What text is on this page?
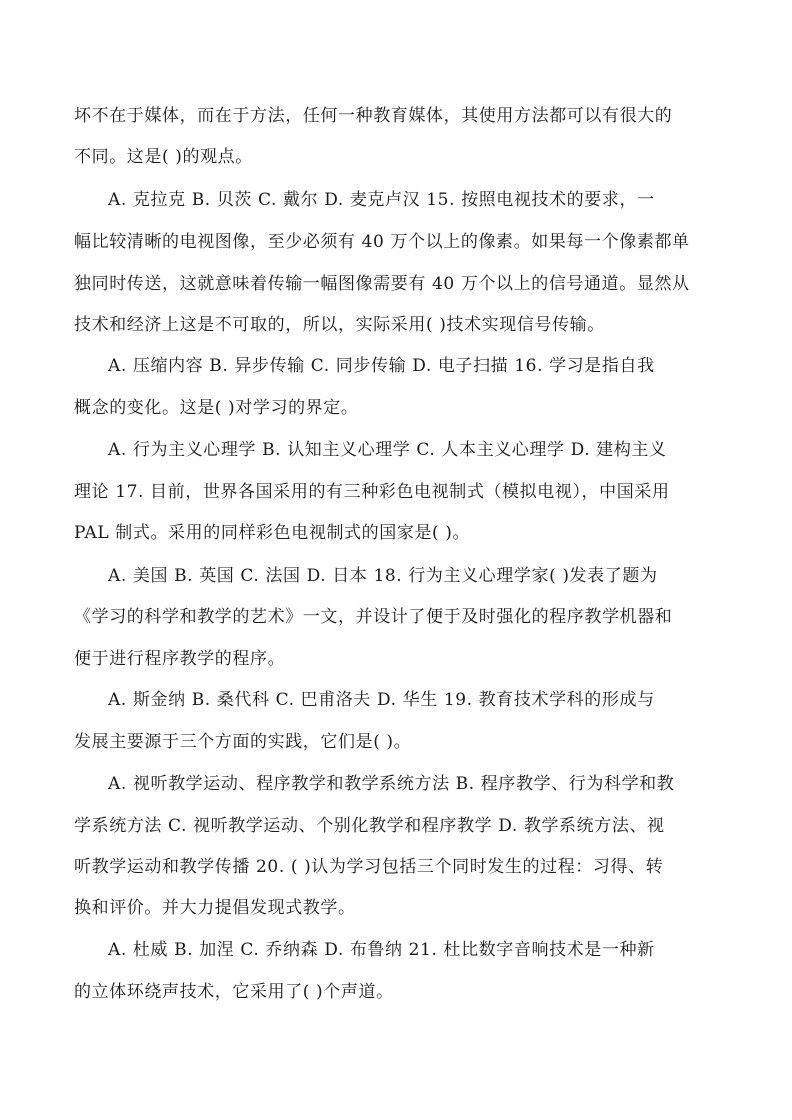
坏不在于媒体，而在于方法，任何一种教育媒体，其使用方法都可以有很大的
不同。这是( )的观点。
A. 克拉克 B. 贝茨 C. 戴尔 D. 麦克卢汉 15. 按照电视技术的要求，一
幅比较清晰的电视图像，至少必须有 40 万个以上的像素。如果每一个像素都单
独同时传送，这就意味着传输一幅图像需要有 40 万个以上的信号通道。显然从
技术和经济上这是不可取的，所以，实际采用( )技术实现信号传输。
A. 压缩内容 B. 异步传输 C. 同步传输 D. 电子扫描 16. 学习是指自我
概念的变化。这是( )对学习的界定。
A. 行为主义心理学 B. 认知主义心理学 C. 人本主义心理学 D. 建构主义
理论 17. 目前，世界各国采用的有三种彩色电视制式（模拟电视），中国采用
PAL 制式。采用的同样彩色电视制式的国家是( )。
A. 美国 B. 英国 C. 法国 D. 日本 18. 行为主义心理学家( )发表了题为
《学习的科学和教学的艺术》一文，并设计了便于及时强化的程序教学机器和
便于进行程序教学的程序。
A. 斯金纳 B. 桑代科 C. 巴甫洛夫 D. 华生 19. 教育技术学科的形成与
发展主要源于三个方面的实践，它们是( )。
A. 视听教学运动、程序教学和教学系统方法 B. 程序教学、行为科学和教
学系统方法 C. 视听教学运动、个别化教学和程序教学 D. 教学系统方法、视
听教学运动和教学传播 20. ( )认为学习包括三个同时发生的过程：习得、转
换和评价。并大力提倡发现式教学。
A. 杜威 B. 加涅 C. 乔纳森 D. 布鲁纳 21. 杜比数字音响技术是一种新
的立体环绕声技术，它采用了( )个声道。
